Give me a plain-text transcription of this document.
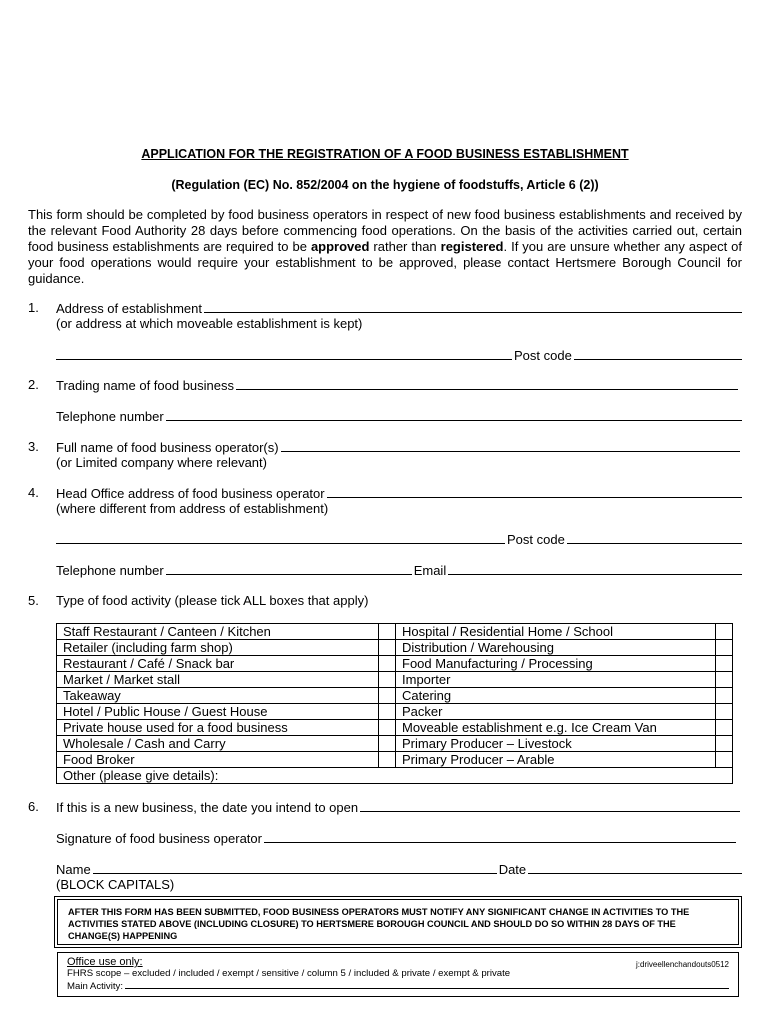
APPLICATION FOR THE REGISTRATION OF A FOOD BUSINESS ESTABLISHMENT
(Regulation (EC) No. 852/2004 on the hygiene of foodstuffs, Article 6 (2))
This form should be completed by food business operators in respect of new food business establishments and received by the relevant Food Authority 28 days before commencing food operations. On the basis of the activities carried out, certain food business establishments are required to be approved rather than registered. If you are unsure whether any aspect of your food operations would require your establishment to be approved, please contact Hertsmere Borough Council for guidance.
1. Address of establishment
(or address at which moveable establishment is kept)
Post code
2. Trading name of food business
Telephone number
3. Full name of food business operator(s)
(or Limited company where relevant)
4. Head Office address of food business operator
(where different from address of establishment)
Post code
Telephone number	Email
5. Type of food activity (please tick ALL boxes that apply)
Staff Restaurant / Canteen / Kitchen		Hospital / Residential Home / School	
Retailer (including farm shop)		Distribution / Warehousing	
Restaurant / Café / Snack bar		Food Manufacturing / Processing	
Market / Market stall		Importer	
Takeaway		Catering	
Hotel / Public House / Guest House		Packer	
Private house used for a food business		Moveable establishment e.g. Ice Cream Van	
Wholesale / Cash and Carry		Primary Producer – Livestock	
Food Broker		Primary Producer – Arable	
Other (please give details):			
6. If this is a new business, the date you intend to open
Signature of food business operator
Name	Date
(BLOCK CAPITALS)
AFTER THIS FORM HAS BEEN SUBMITTED, FOOD BUSINESS OPERATORS MUST NOTIFY ANY SIGNIFICANT CHANGE IN ACTIVITIES TO THE ACTIVITIES STATED ABOVE (INCLUDING CLOSURE) TO HERTSMERE BOROUGH COUNCIL AND SHOULD DO SO WITHIN 28 DAYS OF THE CHANGE(S) HAPPENING
Office use only:	j:driveellenchandouts0512
FHRS scope – excluded / included / exempt / sensitive / column 5 / included & private / exempt & private
Main Activity:
